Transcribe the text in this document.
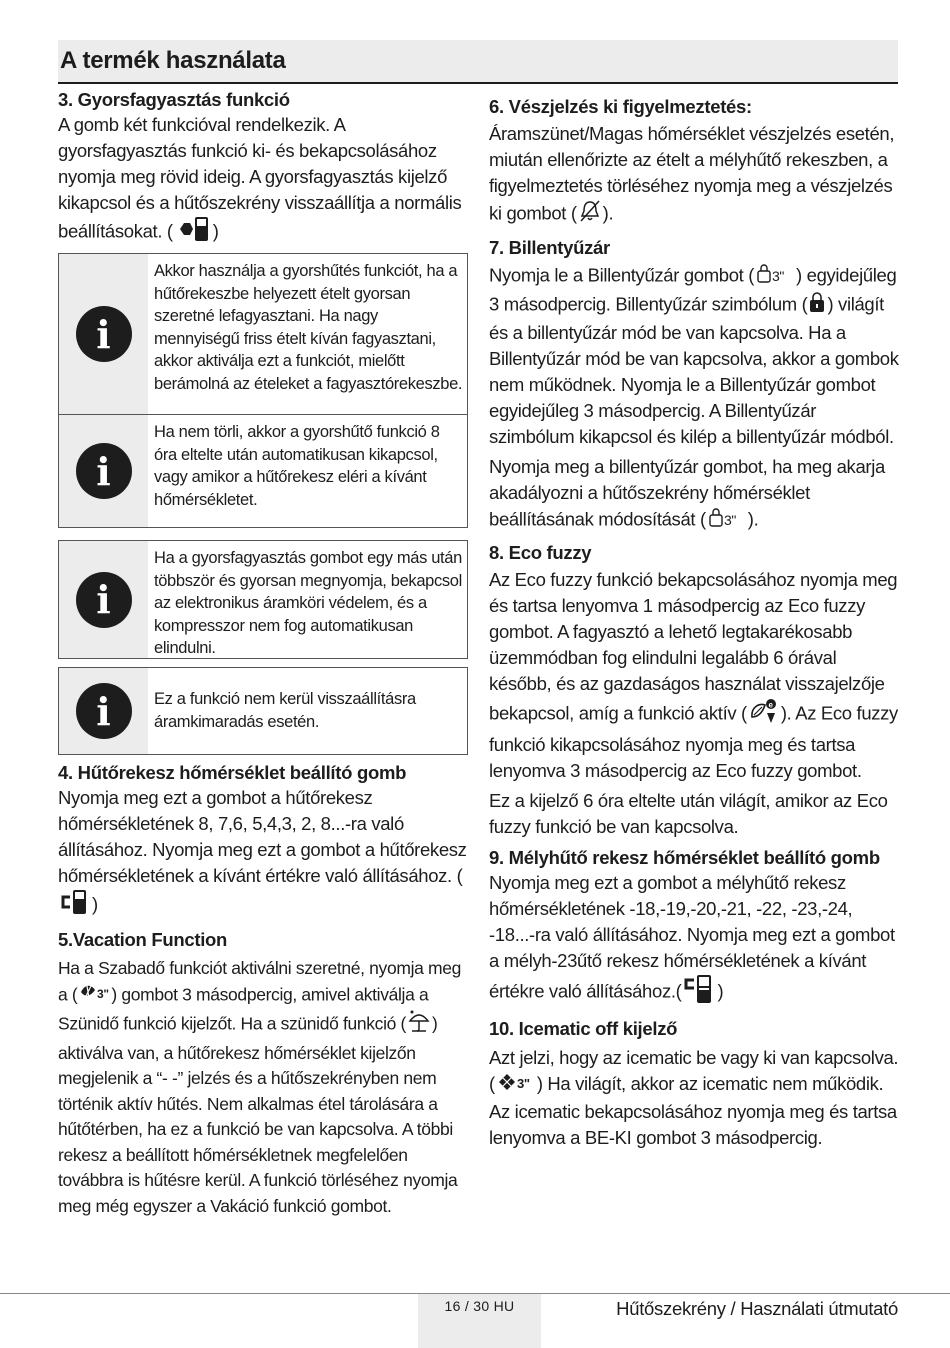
A termék használata

3. Gyorsfagyasztás funkció

A gomb két funkcióval rendelkezik. A gyorsfagyasztás funkció ki- és bekapcsolásához nyomja meg rövid ideig. A gyorsfagyasztás kijelző kikapcsol és a hűtőszekrény visszaállítja a normális beállításokat. ( )

i
Akkor használja a gyorshűtés funkciót, ha a hűtőrekeszbe helyezett ételt gyorsan szeretné lefagyasztani. Ha nagy mennyiségű friss ételt kíván fagyasztani, akkor aktiválja ezt a funkciót, mielőtt berámolná az ételeket a fagyasztórekeszbe.
i
Ha nem törli, akkor a gyorshűtő funkció 8 óra eltelte után automatikusan kikapcsol, vagy amikor a hűtőrekesz eléri a kívánt hőmérsékletet.
i
Ha a gyorsfagyasztás gombot egy más után többször és gyorsan megnyomja, bekapcsol az elektronikus áramköri védelem, és a kompresszor nem fog automatikusan elindulni.
i	Ez a funkció nem kerül visszaállításra áramkimaradás esetén.

4. Hűtőrekesz hőmérséklet beállító gomb

Nyomja meg ezt a gombot a hűtőrekesz hőmérsékletének 8, 7,6, 5,4,3, 2, 8...-ra való állításához. Nyomja meg ezt a gombot a hűtőrekesz hőmérsékletének a kívánt értékre való állításához. ()

5.Vacation Function

Ha a Szabadő funkciót aktiválni szeretné, nyomja meg a ( 3" ) gombot 3 másodpercig, amivel aktiválja a Szünidő funkció kijelzőt. Ha a szünidő funkció ( ) aktiválva van, a hűtőrekesz hőmérséklet kijelzőn megjelenik a “- -” jelzés és a hűtőszekrényben nem történik aktív hűtés. Nem alkalmas étel tárolására a hűtőtérben, ha ez a funkció be van kapcsolva. A többi rekesz a beállított hőmérsékletnek megfelelően továbbra is hűtésre kerül. A funkció törléséhez nyomja meg még egyszer a Vakáció funkció gombot.

6. Vészjelzés ki figyelmeztetés:

Áramszünet/Magas hőmérséklet vészjelzés esetén, miután ellenőrizte az ételt a mélyhűtő rekeszben, a figyelmeztetés törléséhez nyomja meg a vészjelzés ki gombot ( ).

7. Billentyűzár

Nyomja le a Billentyűzár gombot ( 3" ) egyidejűleg 3 másodpercig. Billentyűzár szimbólum ( ) világít és a billentyűzár mód be van kapcsolva. Ha a Billentyűzár mód be van kapcsolva, akkor a gombok nem működnek. Nyomja le a Billentyűzár gombot egyidejűleg 3 másodpercig. A Billentyűzár szimbólum kikapcsol és kilép a billentyűzár módból.

Nyomja meg a billentyűzár gombot, ha meg akarja akadályozni a hűtőszekrény hőmérséklet beállításának módosítását ( 3" ).

8. Eco fuzzy

Az Eco fuzzy funkció bekapcsolásához nyomja meg és tartsa lenyomva 1 másodpercig az Eco fuzzy gombot. A fagyasztó a lehető legtakarékosabb üzemmódban fog elindulni legalább 6 órával később, és az gazdaságos használat visszajelzője bekapcsol, amíg a funkció aktív (	e ). Az Eco fuzzy funkció kikapcsolásához nyomja meg és tartsa lenyomva 3 másodpercig az Eco fuzzy gombot.

Ez a kijelző 6 óra eltelte után világít, amikor az Eco fuzzy funkció be van kapcsolva.

9. Mélyhűtő rekesz hőmérséklet beállító gomb

Nyomja meg ezt a gombot a mélyhűtő rekesz hőmérsékletének -18,-19,-20,-21, -22, -23,-24, -18...-ra való állításához. Nyomja meg ezt a gombot a mélyh-23űtő rekesz hőmérsékletének a kívánt értékre való állításához.( )

10. Icematic off kijelző

Azt jelzi, hogy az icematic be vagy ki van kapcsolva. ( 3" ) Ha világít, akkor az icematic nem működik. Az icematic bekapcsolásához nyomja meg és tartsa lenyomva a BE-KI gombot 3 másodpercig.

16 / 30 HU	Hűtőszekrény / Használati útmutató
